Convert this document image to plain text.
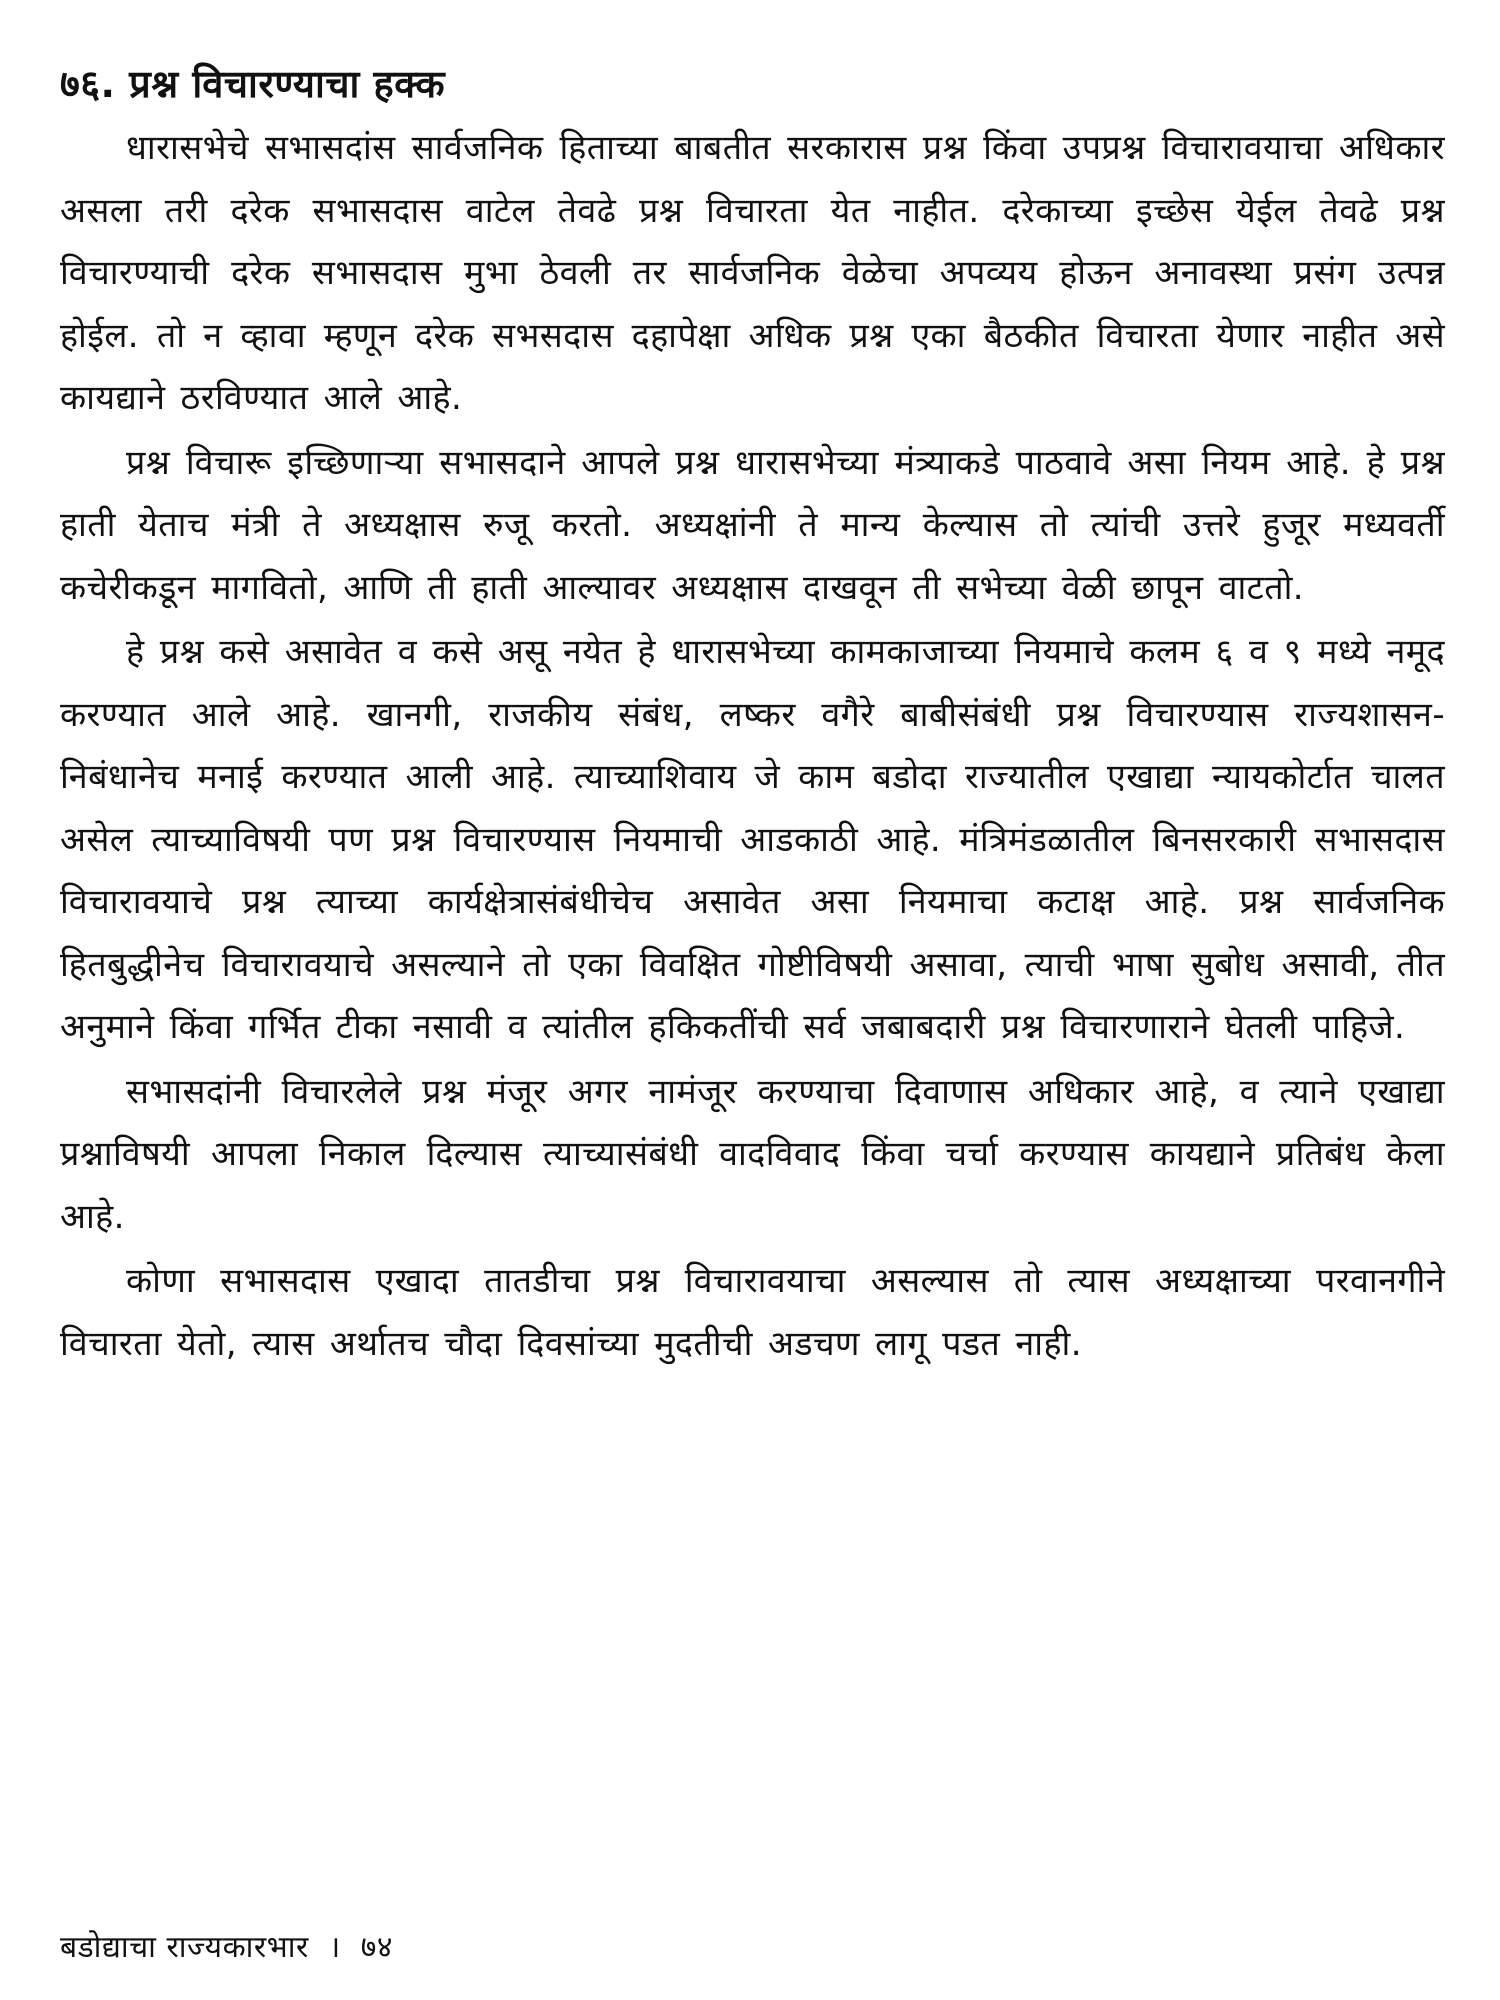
७६. प्रश्न विचारण्याचा हक्क

धारासभेचे सभासदांस सार्वजनिक हिताच्या बाबतीत सरकारास प्रश्न किंवा उपप्रश्न विचारावयाचा अधिकार असला तरी दरेक सभासदास वाटेल तेवढे प्रश्न विचारता येत नाहीत. दरेकाच्या इच्छेस येईल तेवढे प्रश्न विचारण्याची दरेक सभासदास मुभा ठेवली तर सार्वजनिक वेळेचा अपव्यय होऊन अनावस्था प्रसंग उत्पन्न होईल. तो न व्हावा म्हणून दरेक सभसदास दहापेक्षा अधिक प्रश्न एका बैठकीत विचारता येणार नाहीत असे कायद्याने ठरविण्यात आले आहे.

प्रश्न विचारू इच्छिणाऱ्या सभासदाने आपले प्रश्न धारासभेच्या मंत्र्याकडे पाठवावे असा नियम आहे. हे प्रश्न हाती येताच मंत्री ते अध्यक्षास रुजू करतो. अध्यक्षांनी ते मान्य केल्यास तो त्यांची उत्तरे हुजूर मध्यवर्ती कचेरीकडून मागवितो, आणि ती हाती आल्यावर अध्यक्षास दाखवून ती सभेच्या वेळी छापून वाटतो.

हे प्रश्न कसे असावेत व कसे असू नयेत हे धारासभेच्या कामकाजाच्या नियमाचे कलम ६ व ९ मध्ये नमूद करण्यात आले आहे. खानगी, राजकीय संबंध, लष्कर वगैरे बाबीसंबंधी प्रश्न विचारण्यास राज्यशासन-निबंधानेच मनाई करण्यात आली आहे. त्याच्याशिवाय जे काम बडोदा राज्यातील एखाद्या न्यायकोर्टात चालत असेल त्याच्याविषयी पण प्रश्न विचारण्यास नियमाची आडकाठी आहे. मंत्रिमंडळातील बिनसरकारी सभासदास विचारावयाचे प्रश्न त्याच्या कार्यक्षेत्रासंबंधीचेच असावेत असा नियमाचा कटाक्ष आहे. प्रश्न सार्वजनिक हितबुद्धीनेच विचारावयाचे असल्याने तो एका विवक्षित गोष्टीविषयी असावा, त्याची भाषा सुबोध असावी, तीत अनुमाने किंवा गर्भित टीका नसावी व त्यांतील हकिकतींची सर्व जबाबदारी प्रश्न विचारणाराने घेतली पाहिजे.

सभासदांनी विचारलेले प्रश्न मंजूर अगर नामंजूर करण्याचा दिवाणास अधिकार आहे, व त्याने एखाद्या प्रश्नाविषयी आपला निकाल दिल्यास त्याच्यासंबंधी वादविवाद किंवा चर्चा करण्यास कायद्याने प्रतिबंध केला आहे.

कोणा सभासदास एखादा तातडीचा प्रश्न विचारावयाचा असल्यास तो त्यास अध्यक्षाच्या परवानगीने विचारता येतो, त्यास अर्थातच चौदा दिवसांच्या मुदतीची अडचण लागू पडत नाही.

बडोद्याचा राज्यकारभार । ७४
